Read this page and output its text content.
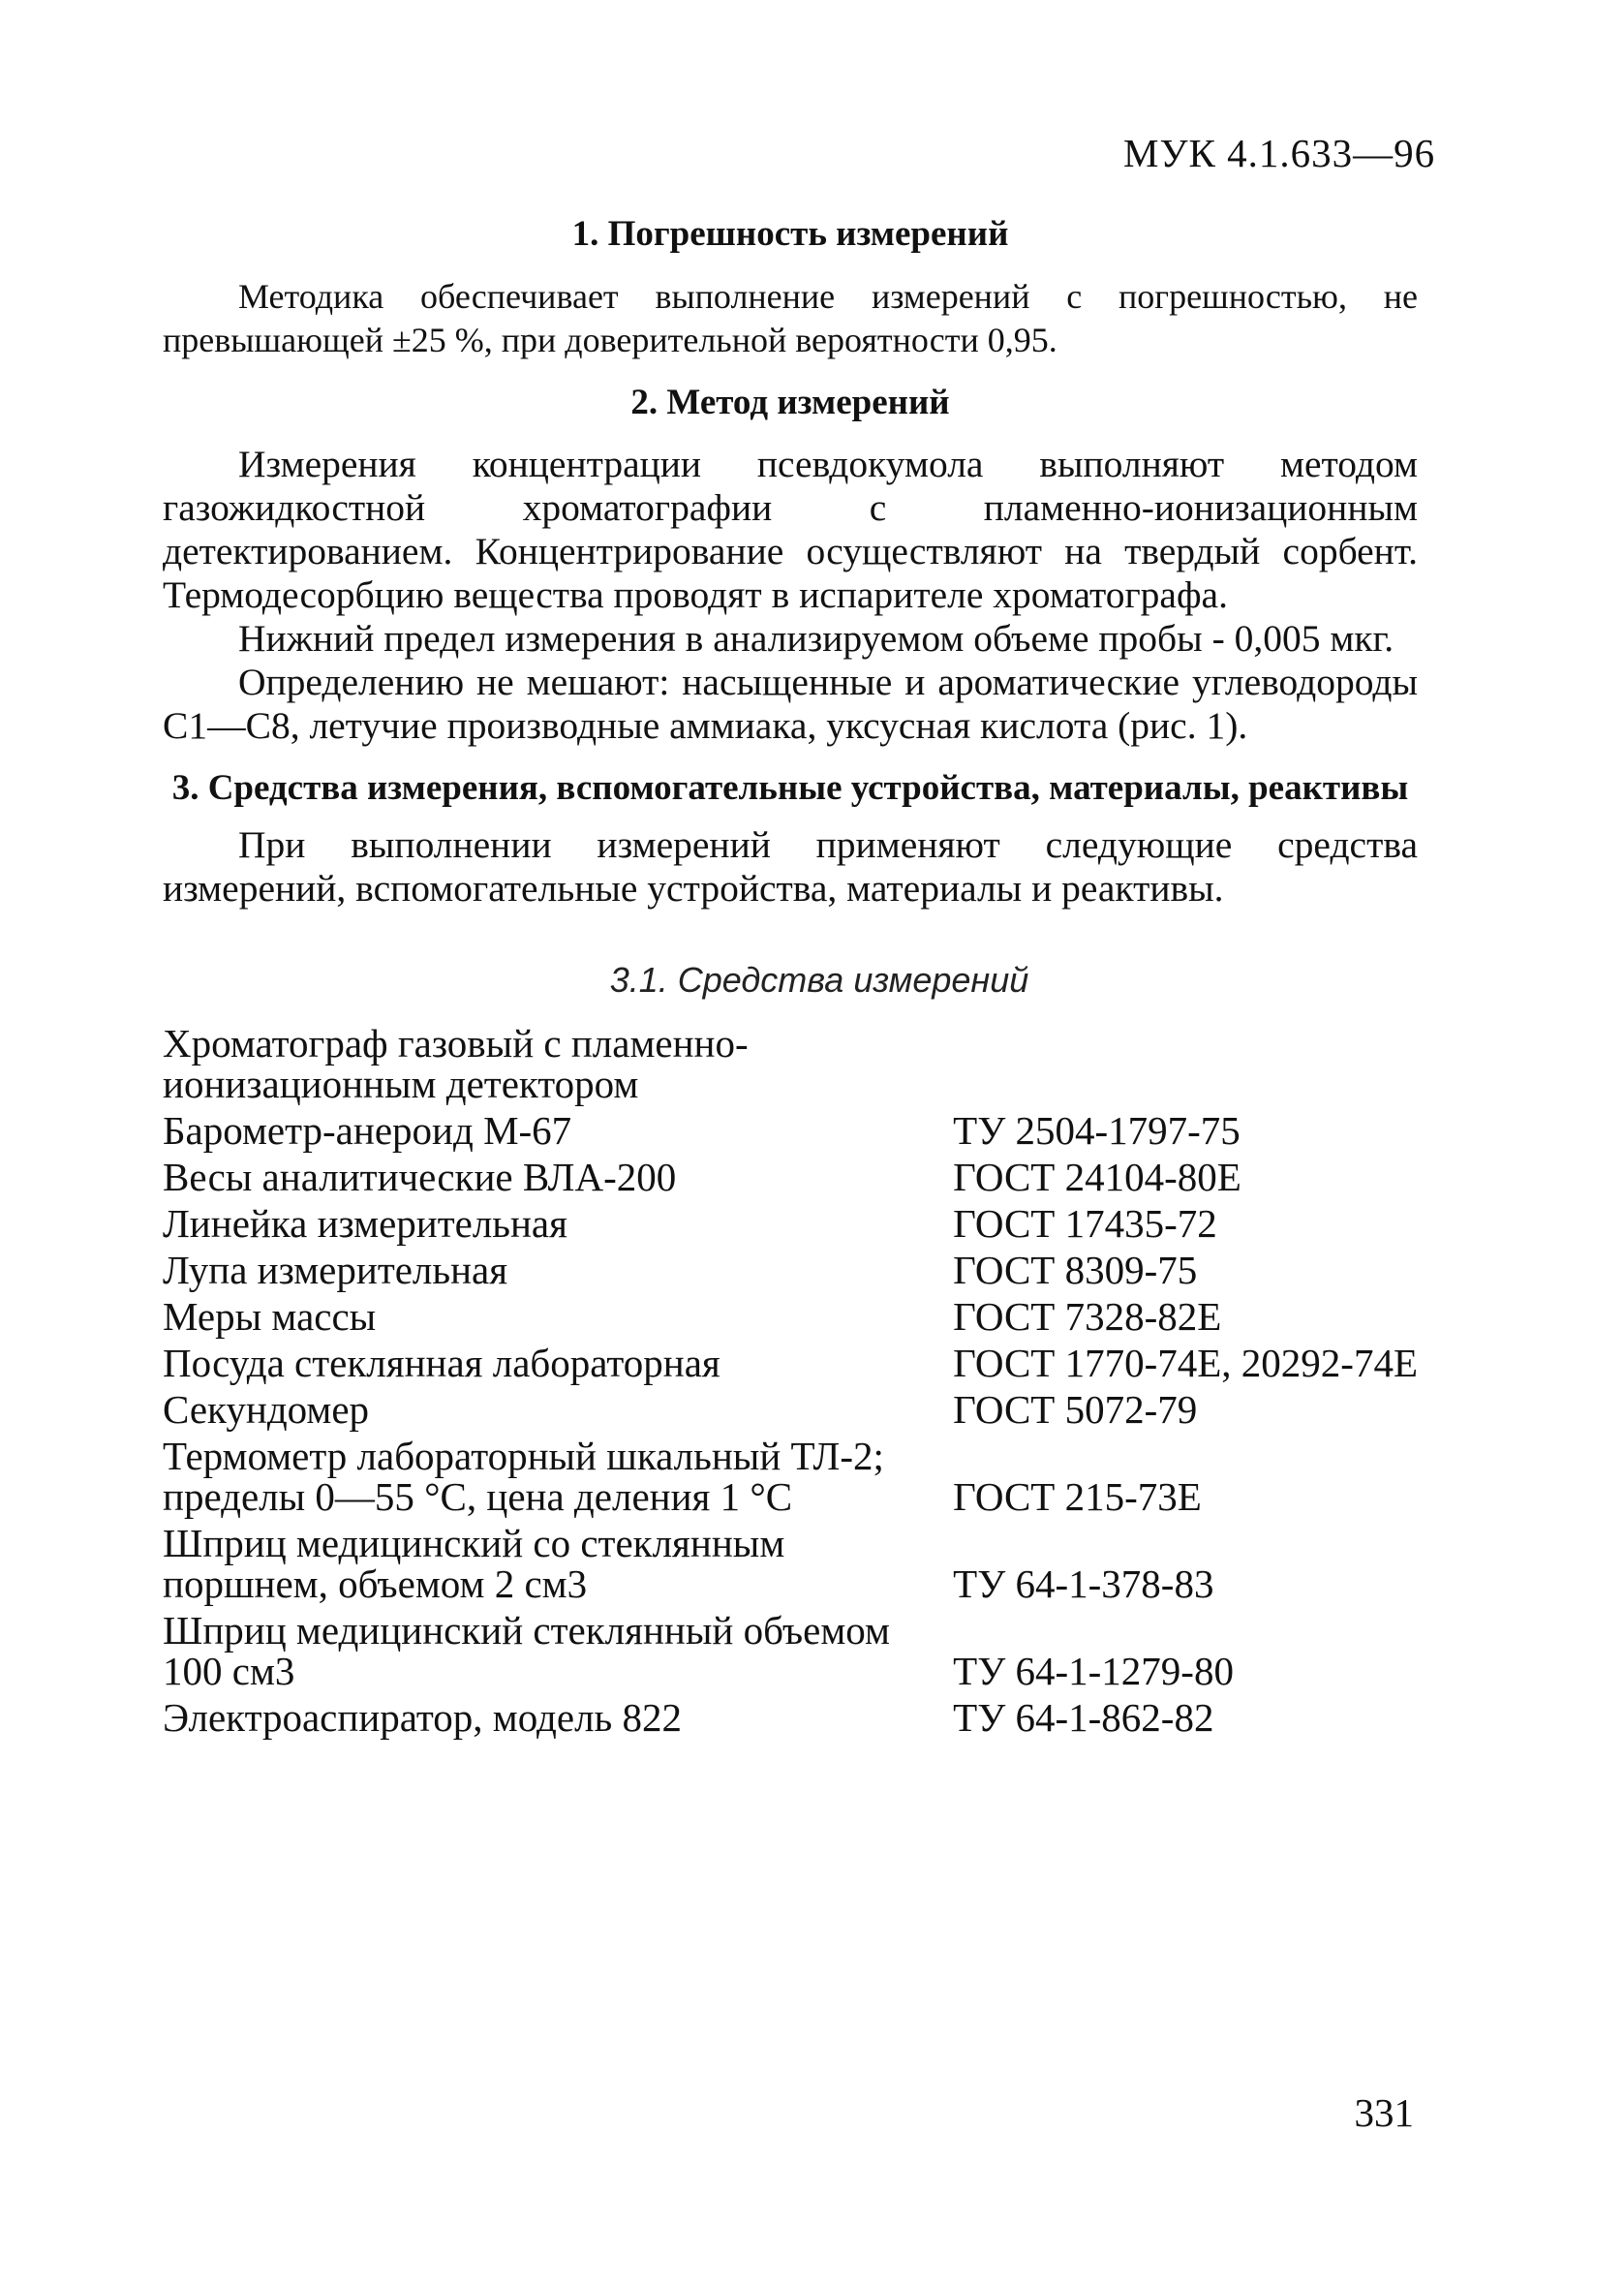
МУК 4.1.633—96
1. Погрешность измерений

Методика обеспечивает выполнение измерений с погрешностью, не превышающей ±25 %, при доверительной вероятности 0,95.

2. Метод измерений

Измерения концентрации псевдокумола выполняют методом газожидкостной хроматографии с пламенно-ионизационным детектированием. Концентрирование осуществляют на твердый сорбент. Термодесорбцию вещества проводят в испарителе хроматографа.

Нижний предел измерения в анализируемом объеме пробы - 0,005 мкг.

Определению не мешают: насыщенные и ароматические углеводороды C1—C8, летучие производные аммиака, уксусная кислота (рис. 1).

3. Средства измерения, вспомогательные устройства, материалы, реактивы

При выполнении измерений применяют следующие средства измерений, вспомогательные устройства, материалы и реактивы.

3.1. Средства измерений
Хроматограф газовый с пламенно-ионизационным детектором	
Барометр-анероид М-67	ТУ 2504-1797-75
Весы аналитические ВЛА-200	ГОСТ 24104-80Е
Линейка измерительная	ГОСТ 17435-72
Лупа измерительная	ГОСТ 8309-75
Меры массы	ГОСТ 7328-82Е
Посуда стеклянная лабораторная	ГОСТ 1770-74Е, 20292-74Е
Секундомер	ГОСТ 5072-79
Термометр лабораторный шкальный ТЛ-2; пределы 0—55 °С, цена деления 1 °С	ГОСТ 215-73Е
Шприц медицинский со стеклянным поршнем, объемом 2 см3	ТУ 64-1-378-83
Шприц медицинский стеклянный объемом 100 см3	ТУ 64-1-1279-80
Электроаспиратор, модель 822	ТУ 64-1-862-82
331
